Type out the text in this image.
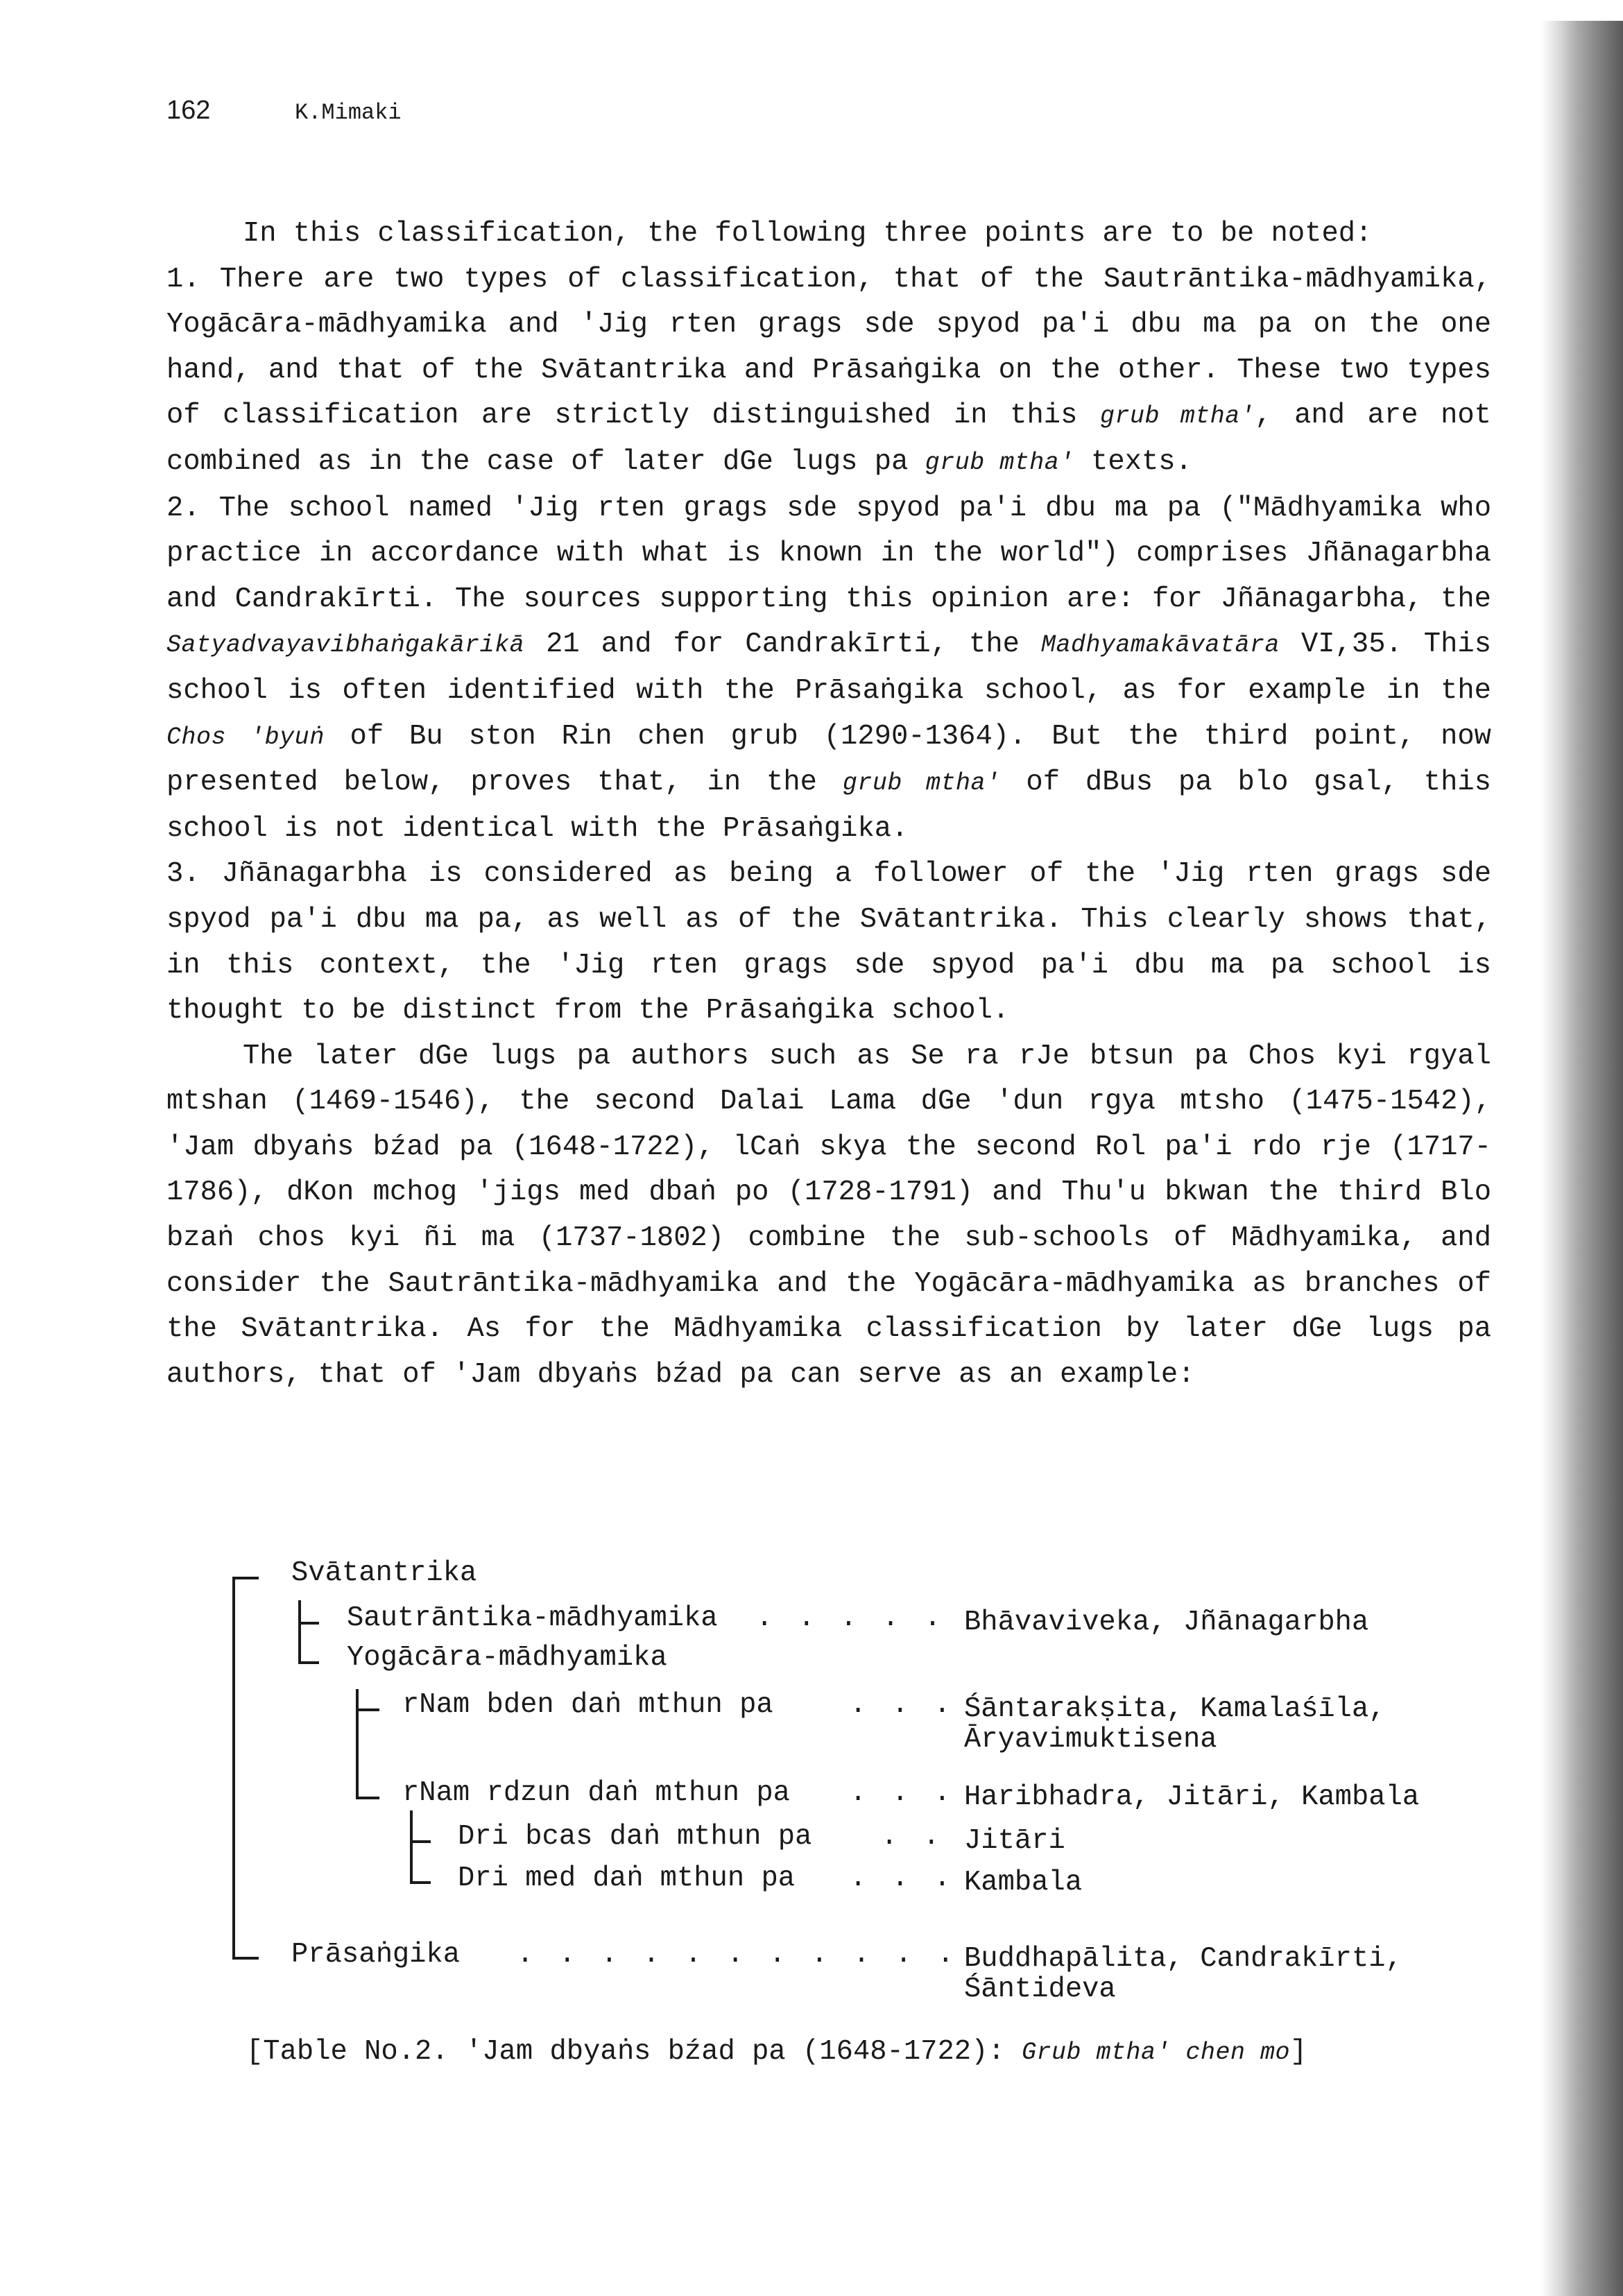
162	K.Mimaki

In this classification, the following three points are to be noted:

1. There are two types of classification, that of the Sautrāntika-mādhyamika, Yogācāra-mādhyamika and 'Jig rten grags sde spyod pa'i dbu ma pa on the one hand, and that of the Svātantrika and Prāsaṅgika on the other. These two types of classification are strictly distinguished in this grub mtha', and are not combined as in the case of later dGe lugs pa grub mtha' texts.

2. The school named 'Jig rten grags sde spyod pa'i dbu ma pa ("Mādhyamika who practice in accordance with what is known in the world") comprises Jñānagarbha and Candrakīrti. The sources supporting this opinion are: for Jñānagarbha, the Satyadvayavibhaṅgakārikā 21 and for Candrakīrti, the Madhyamakāvatāra VI,35. This school is often identified with the Prāsaṅgika school, as for example in the Chos 'byuṅ of Bu ston Rin chen grub (1290-1364). But the third point, now presented below, proves that, in the grub mtha' of dBus pa blo gsal, this school is not identical with the Prāsaṅgika.

3. Jñānagarbha is considered as being a follower of the 'Jig rten grags sde spyod pa'i dbu ma pa, as well as of the Svātantrika. This clearly shows that, in this context, the 'Jig rten grags sde spyod pa'i dbu ma pa school is thought to be distinct from the Prāsaṅgika school.

The later dGe lugs pa authors such as Se ra rJe btsun pa Chos kyi rgyal mtshan (1469-1546), the second Dalai Lama dGe 'dun rgya mtsho (1475-1542), 'Jam dbyaṅs bźad pa (1648-1722), lCaṅ skya the second Rol pa'i rdo rje (1717-1786), dKon mchog 'jigs med dbaṅ po (1728-1791) and Thu'u bkwan the third Blo bzaṅ chos kyi ñi ma (1737-1802) combine the sub-schools of Mādhyamika, and consider the Sautrāntika-mādhyamika and the Yogācāra-mādhyamika as branches of the Svātantrika. As for the Mādhyamika classification by later dGe lugs pa authors, that of 'Jam dbyaṅs bźad pa can serve as an example:

Svātantrika
Sautrāntika-mādhyamika . . . . . Bhāvaviveka, Jñānagarbha
Yogācāra-mādhyamika
rNam bden daṅ mthun pa	. . . Śāntarakṣita, Kamalaśīla,
Āryavimuktisena
rNam rdzun daṅ mthun pa . . . Haribhadra, Jitāri, Kambala
Dri bcas daṅ mthun pa . . Jitāri
Dri med daṅ mthun pa . . . Kambala
Prāsaṅgika . . . . . . . . . . . Buddhapālita, Candrakīrti,
Śāntideva
[Table No.2. 'Jam dbyaṅs bźad pa (1648-1722): Grub mtha' chen mo]
